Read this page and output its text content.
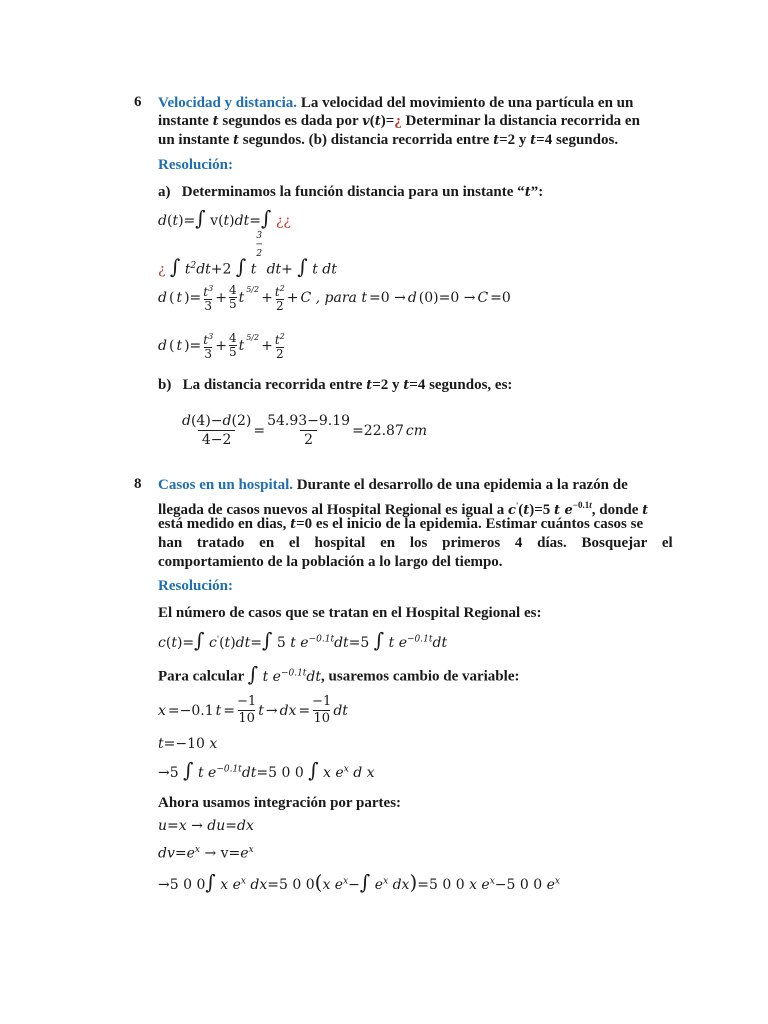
6 Velocidad y distancia. La velocidad del movimiento de una partícula en un
instante t segundos es dada por v(t)=¿ Determinar la distancia recorrida en
un instante t segundos. (b) distancia recorrida entre t=2 y t=4 segundos.
Resolución:
a)   Determinamos la función distancia para un instante “t”:
d(t)=∫ v(t)dt=∫ ¿¿
¿ ∫ $t^2dt+2$ ∫ $t^{3 ─ 2}$ dt+ ∫ t dt
d ( t )= $\frac{t^3}{3} + \frac{4}{5}$ t $^{5/2} + \frac{t^2}{2} + C$ , para t =0 → d (0)=0 → C =0
d ( t )= $\frac{t^3}{3} + \frac{4}{5}$ t $^{5/2} + \frac{t^2}{2}$
b)   La distancia recorrida entre t=2 y t=4 segundos, es:
$\frac{d(4)-d(2)}{4-2} = \frac{54.93-9.19}{2} =22.87$ cm
8 Casos en un hospital. Durante el desarrollo de una epidemia a la razón de
llegada de casos nuevos al Hospital Regional es igual a c'(t)=5 t $e^{-0.1t}$, donde t
está medido en dias, t=0 es el inicio de la epidemia. Estimar cuántos casos se
han tratado en el hospital en los primeros 4 días. Bosquejar el
comportamiento de la población a lo largo del tiempo.
Resolución:
El número de casos que se tratan en el Hospital Regional es:
c(t)=∫ c'(t)dt=∫ 5 t $e^{-0.1t}dt=5$ ∫ t $e^{-0.1t}dt$
Para calcular ∫ t $e^{-0.1t}dt$, usaremos cambio de variable:
x =−0.1 $t = \frac{-1}{10}$ t → dx = $\frac{-1}{10}$ dt
t=−10 x
→5 ∫ t $e^{-0.1t}dt=5$ 0 0 ∫ x $e^x$ d x
Ahora usamos integración por partes:
u=x → du=dx
$dv=e^x \to v=e^x$
→5 0 0∫ x $e^x$ dx=5 0 0(x $e^x-\int$ $e^x$ dx)=5 0 0 x $e^x-5$ 0 0 $e^x$
